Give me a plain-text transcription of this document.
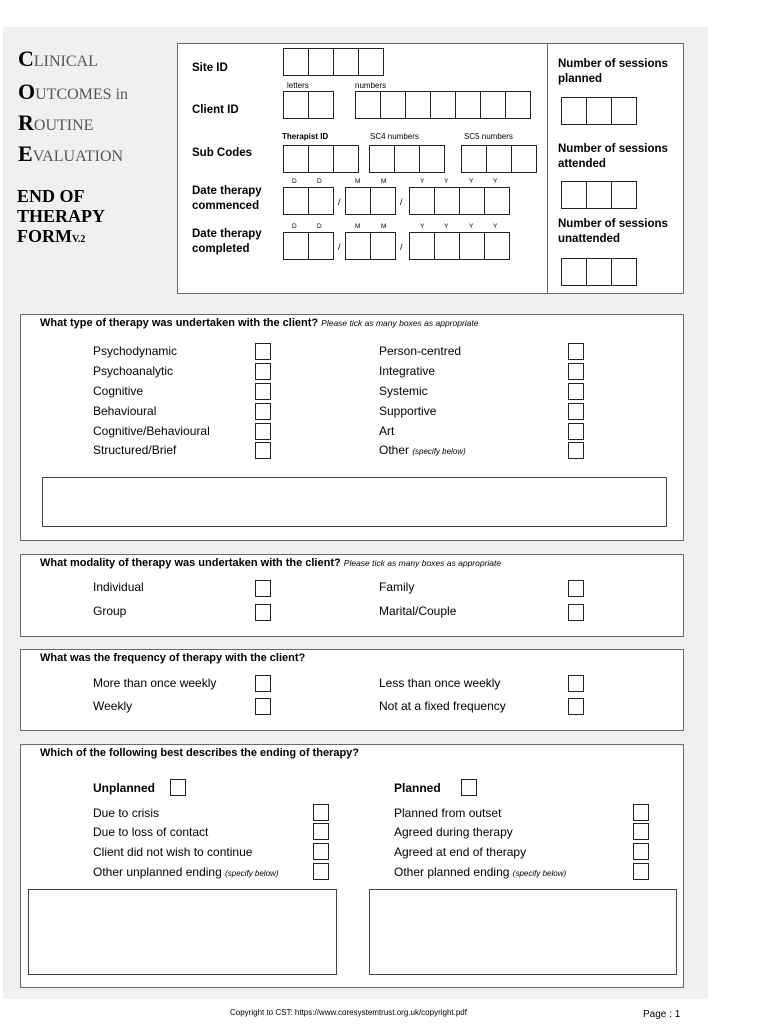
CLINICAL
OUTCOMES in
ROUTINE
EVALUATION
END OF
THERAPY
FORMV.2
Site ID
letters	numbers
Client ID
Therapist ID	SC4 numbers	SC5 numbers
Sub Codes
Date therapy
commenced
Date therapy
completed
Number of sessions
planned
Number of sessions
attended
Number of sessions
unattended
What type of therapy was undertaken with the client? Please tick as many boxes as appropriate
What modality of therapy was undertaken with the client? Please tick as many boxes as appropriate
What was the frequency of therapy with the client?
Which of the following best describes the ending of therapy?
Unplanned	Planned
Copyright to CST: https://www.coresystemtrust.org.uk/copyright.pdf	Page : 1
D	D	M	M	Y	Y	Y	Y
/	/
D	D	M	M	Y	Y	Y	Y
/	/
Psychodynamic
Psychoanalytic
Cognitive
Behavioural
Cognitive/Behavioural
Structured/Brief
Person-centred
Integrative
Systemic
Supportive
Art
Other (specify below)
Individual
Group
Family
Marital/Couple
More than once weekly
Weekly
Less than once weekly
Not at a fixed frequency
Due to crisis
Due to loss of contact
Client did not wish to continue
Other unplanned ending (specify below)
Planned from outset
Agreed during therapy
Agreed at end of therapy
Other planned ending (specify below)
